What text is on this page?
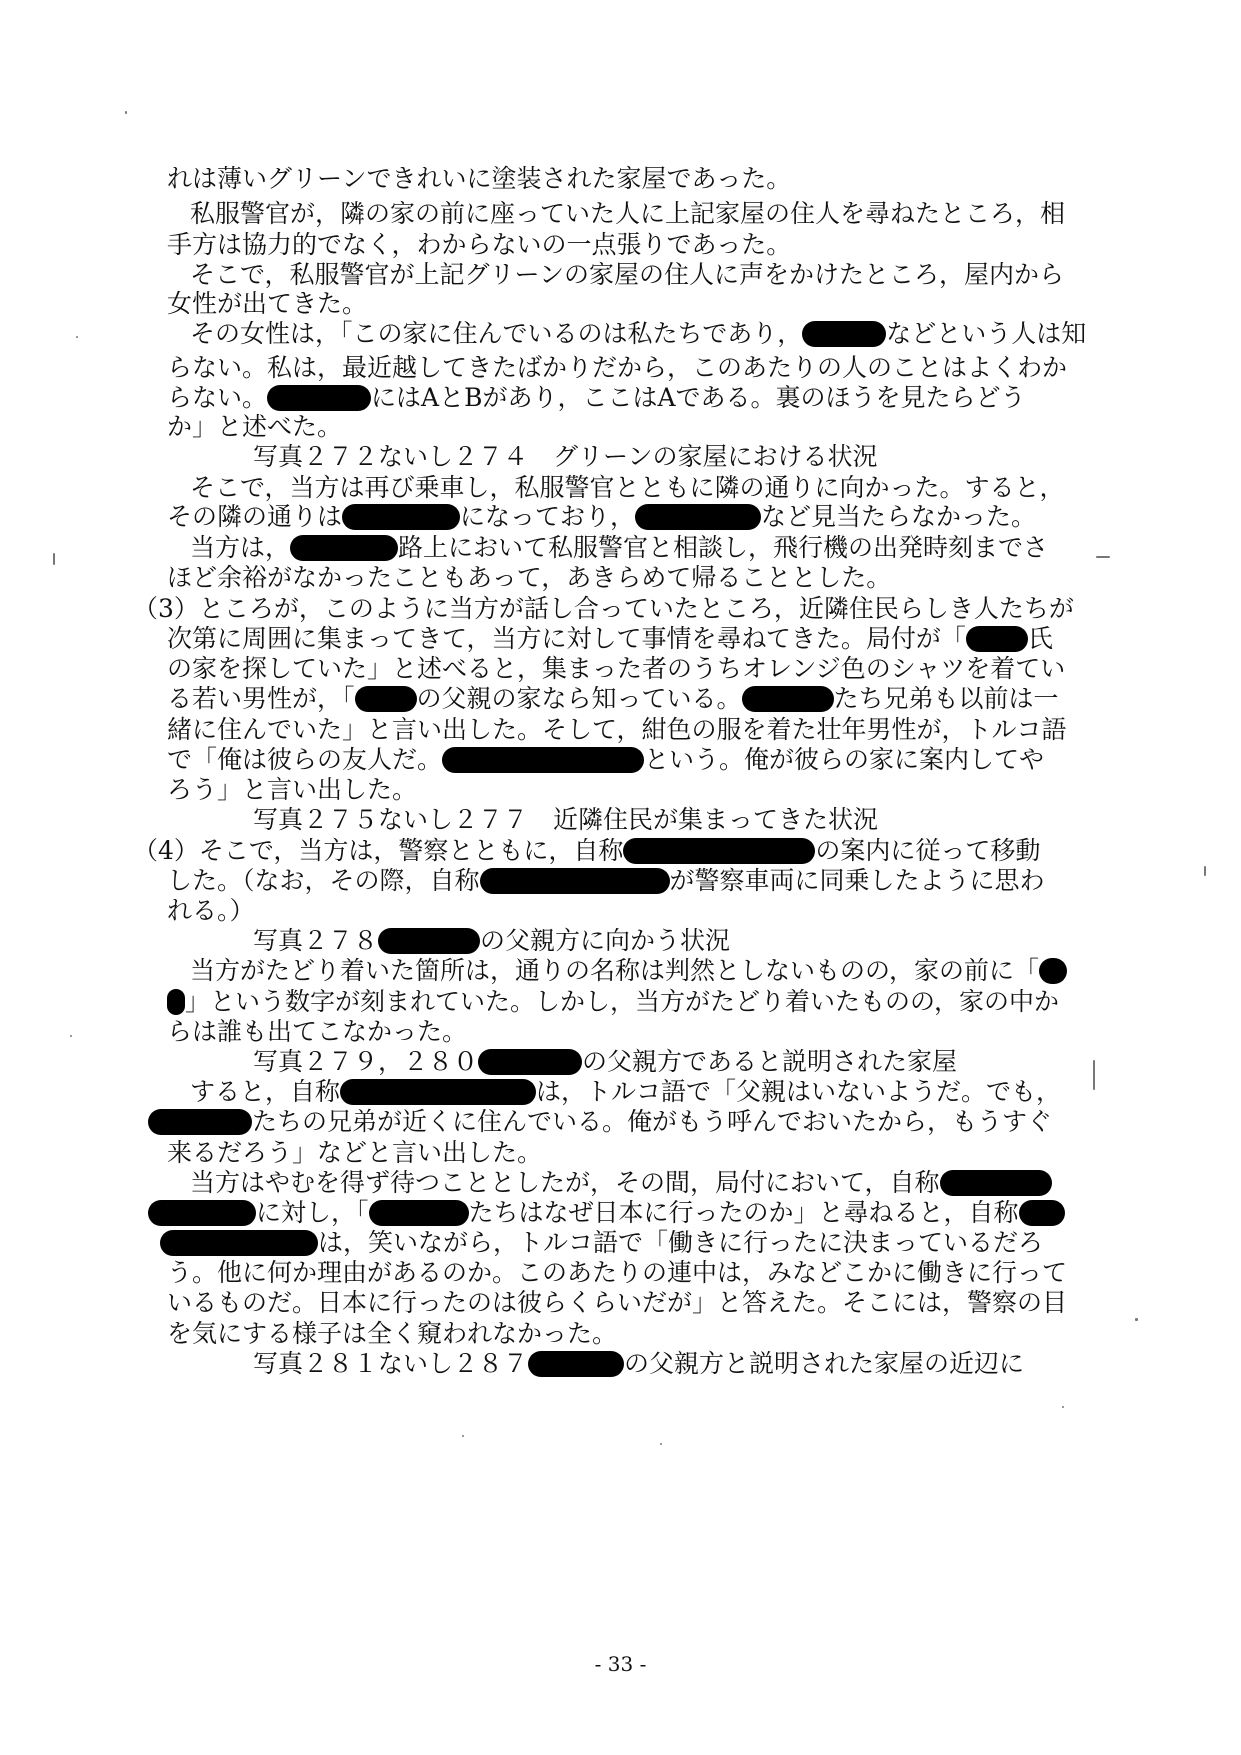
れは薄いグリーンできれいに塗装された家屋であった。
私服警官が，隣の家の前に座っていた人に上記家屋の住人を尋ねたところ，相
手方は協力的でなく，わからないの一点張りであった。
そこで，私服警官が上記グリーンの家屋の住人に声をかけたところ，屋内から
女性が出てきた。
その女性は，「この家に住んでいるのは私たちであり，	などという人は知
らない。私は，最近越してきたばかりだから，このあたりの人のことはよくわか
らない。	にはAとBがあり，ここはAである。裏のほうを見たらどう
か」と述べた。
写真２７２ないし２７４　グリーンの家屋における状況
そこで，当方は再び乗車し，私服警官とともに隣の通りに向かった。すると，
その隣の通りは	になっており，	など見当たらなかった。
当方は，	路上において私服警官と相談し，飛行機の出発時刻までさ
ほど余裕がなかったこともあって，あきらめて帰ることとした。
（3）ところが，このように当方が話し合っていたところ，近隣住民らしき人たちが
次第に周囲に集まってきて，当方に対して事情を尋ねてきた。局付が「 氏
の家を探していた」と述べると，集まった者のうちオレンジ色のシャツを着てい
る若い男性が，「 の父親の家なら知っている。	たち兄弟も以前は一
緒に住んでいた」と言い出した。そして，紺色の服を着た壮年男性が，トルコ語
で「俺は彼らの友人だ。	という。俺が彼らの家に案内してや
ろう」と言い出した。
写真２７５ないし２７７　近隣住民が集まってきた状況
（4）そこで，当方は，警察とともに，自称	の案内に従って移動
した。（なお，その際，自称	が警察車両に同乗したように思わ
れる。）
写真２７８	の父親方に向かう状況
当方がたどり着いた箇所は，通りの名称は判然としないものの，家の前に「
」という数字が刻まれていた。しかし，当方がたどり着いたものの，家の中か
らは誰も出てこなかった。
写真２７９，２８０	の父親方であると説明された家屋
すると，自称	は，トルコ語で「父親はいないようだ。でも，
たちの兄弟が近くに住んでいる。俺がもう呼んでおいたから，もうすぐ
来るだろう」などと言い出した。
当方はやむを得ず待つこととしたが，その間，局付において，自称
に対し，「	たちはなぜ日本に行ったのか」と尋ねると，自称
は，笑いながら，トルコ語で「働きに行ったに決まっているだろ
う。他に何か理由があるのか。このあたりの連中は，みなどこかに働きに行って
いるものだ。日本に行ったのは彼らくらいだが」と答えた。そこには，警察の目
を気にする様子は全く窺われなかった。
写真２８１ないし２８７	の父親方と説明された家屋の近辺に
- 33 -
